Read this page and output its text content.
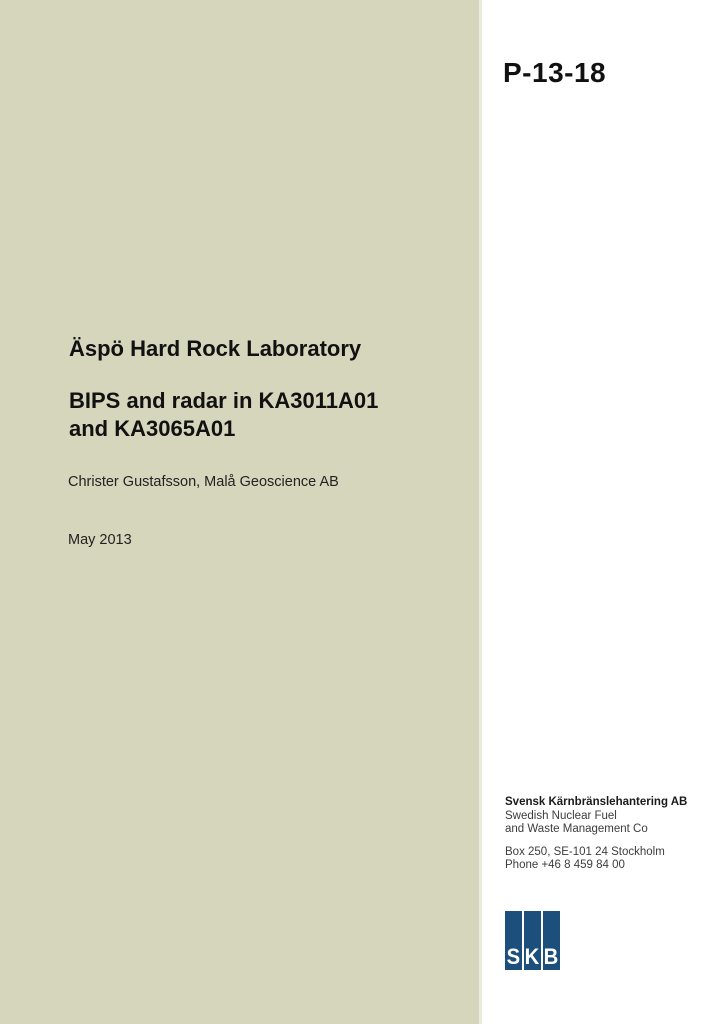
P-13-18
Äspö Hard Rock Laboratory
BIPS and radar in KA3011A01
and KA3065A01
Christer Gustafsson, Malå Geoscience AB
May 2013
Svensk Kärnbränslehantering AB
Swedish Nuclear Fuel
and Waste Management Co
Box 250, SE-101 24 Stockholm
Phone +46 8 459 84 00
S K B
